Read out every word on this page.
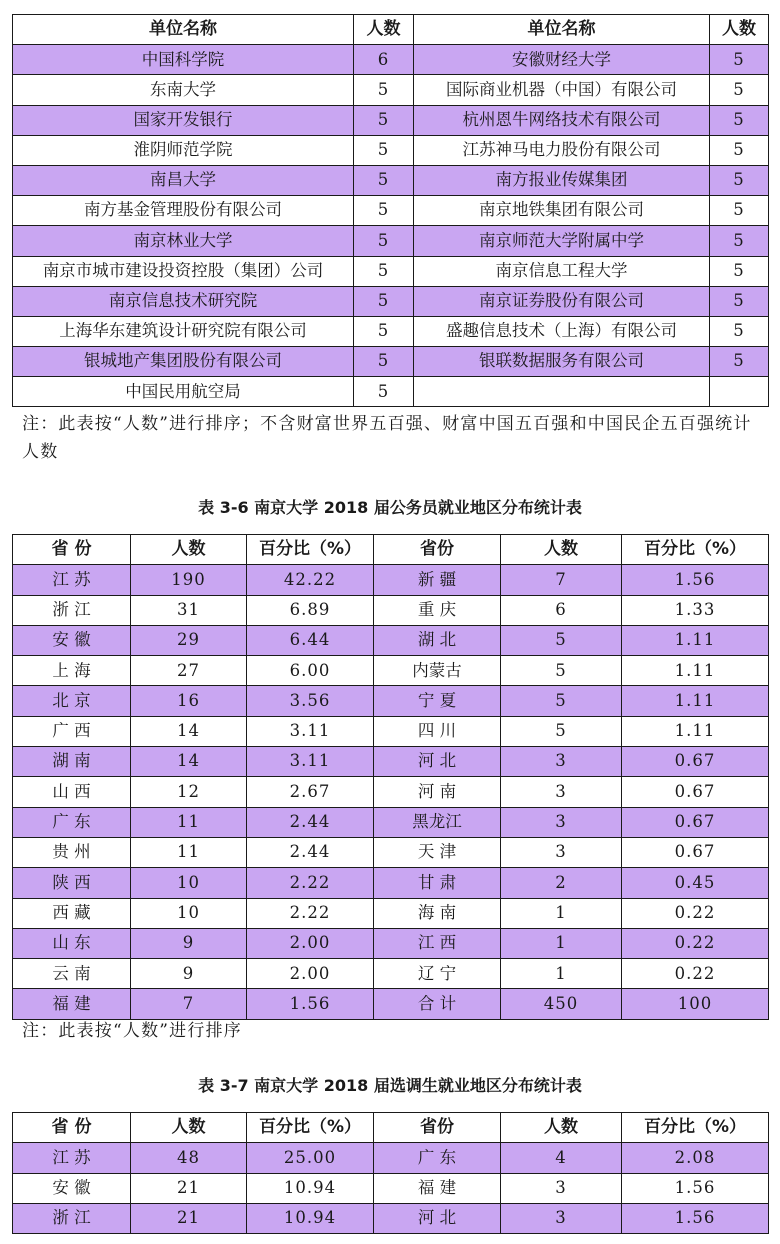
单位名称	人数	单位名称	人数
中国科学院	6	安徽财经大学	5
东南大学	5	国际商业机器（中国）有限公司	5
国家开发银行	5	杭州恩牛网络技术有限公司	5
淮阴师范学院	5	江苏神马电力股份有限公司	5
南昌大学	5	南方报业传媒集团	5
南方基金管理股份有限公司	5	南京地铁集团有限公司	5
南京林业大学	5	南京师范大学附属中学	5
南京市城市建设投资控股（集团）公司	5	南京信息工程大学	5
南京信息技术研究院	5	南京证券股份有限公司	5
上海华东建筑设计研究院有限公司	5	盛趣信息技术（上海）有限公司	5
银城地产集团股份有限公司	5	银联数据服务有限公司	5
中国民用航空局	5		
注：此表按“人数”进行排序；不含财富世界五百强、财富中国五百强和中国民企五百强统计人数
表 3-6 南京大学 2018 届公务员就业地区分布统计表
省 份	人数	百分比（%）	省份	人数	百分比（%）
江 苏	190	42.22	新 疆	7	1.56
浙 江	31	6.89	重 庆	6	1.33
安 徽	29	6.44	湖 北	5	1.11
上 海	27	6.00	内蒙古	5	1.11
北 京	16	3.56	宁 夏	5	1.11
广 西	14	3.11	四 川	5	1.11
湖 南	14	3.11	河 北	3	0.67
山 西	12	2.67	河 南	3	0.67
广 东	11	2.44	黑龙江	3	0.67
贵 州	11	2.44	天 津	3	0.67
陕 西	10	2.22	甘 肃	2	0.45
西 藏	10	2.22	海 南	1	0.22
山 东	9	2.00	江 西	1	0.22
云 南	9	2.00	辽 宁	1	0.22
福 建	7	1.56	合 计	450	100
注：此表按“人数”进行排序
表 3-7 南京大学 2018 届选调生就业地区分布统计表
省 份	人数	百分比（%）	省份	人数	百分比（%）
江 苏	48	25.00	广 东	4	2.08
安 徽	21	10.94	福 建	3	1.56
浙 江	21	10.94	河 北	3	1.56
